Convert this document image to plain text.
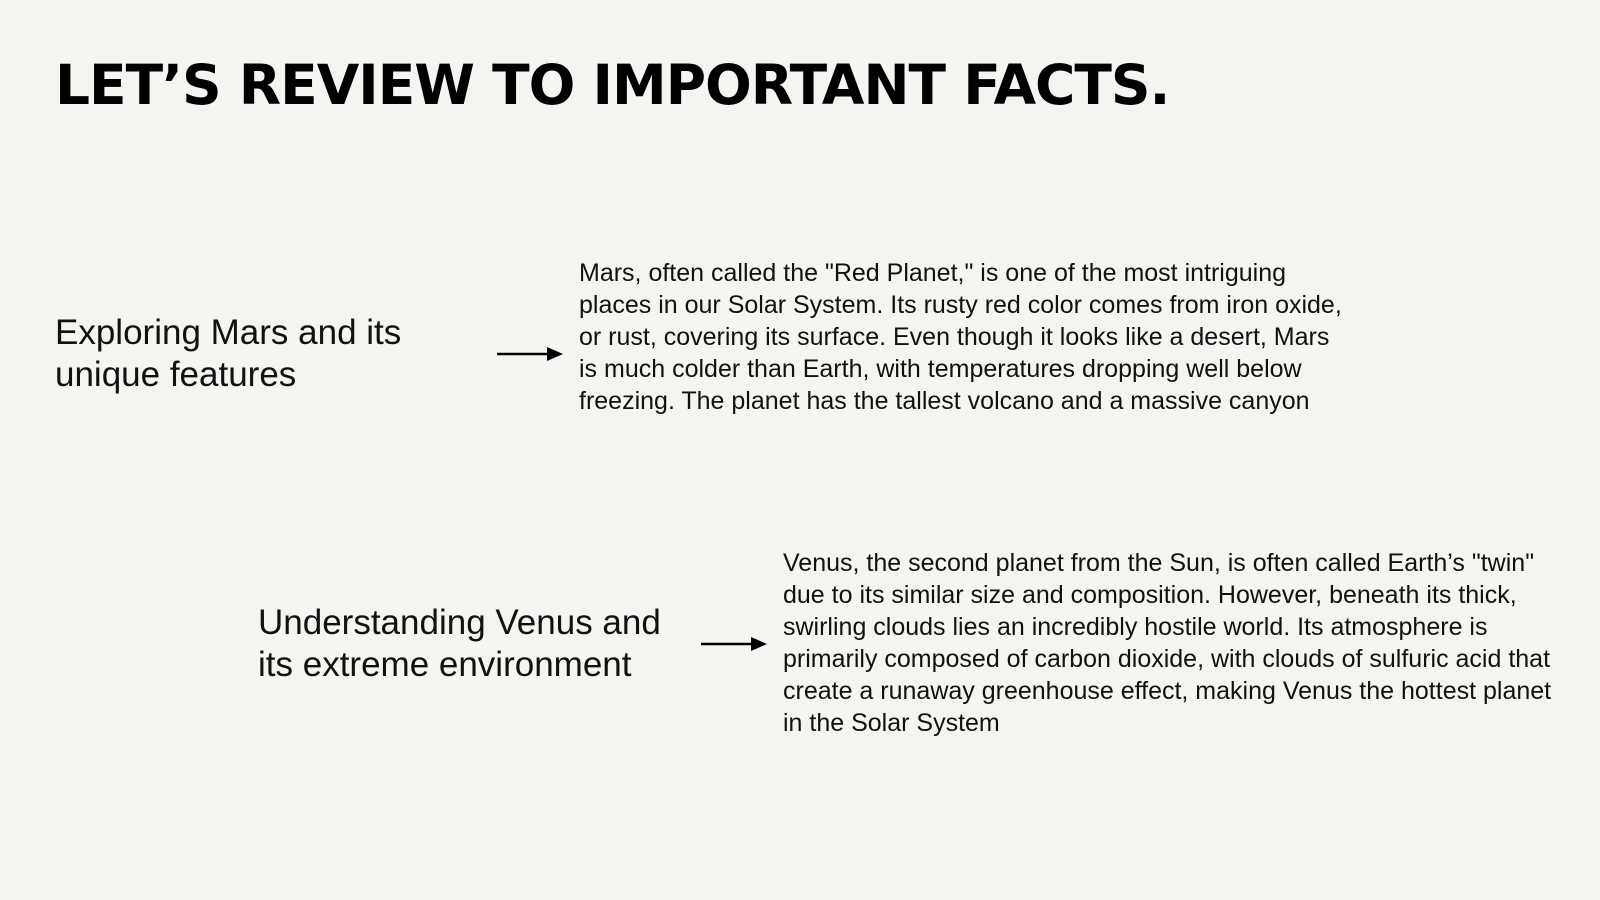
LET’S REVIEW TO IMPORTANT FACTS.
Exploring Mars and its unique features

Mars, often called the "Red Planet," is one of the most intriguing places in our Solar System. Its rusty red color comes from iron oxide, or rust, covering its surface. Even though it looks like a desert, Mars is much colder than Earth, with temperatures dropping well below freezing. The planet has the tallest volcano and a massive canyon

Understanding Venus and its extreme environment

Venus, the second planet from the Sun, is often called Earth’s "twin" due to its similar size and composition. However, beneath its thick, swirling clouds lies an incredibly hostile world. Its atmosphere is primarily composed of carbon dioxide, with clouds of sulfuric acid that create a runaway greenhouse effect, making Venus the hottest planet in the Solar System
